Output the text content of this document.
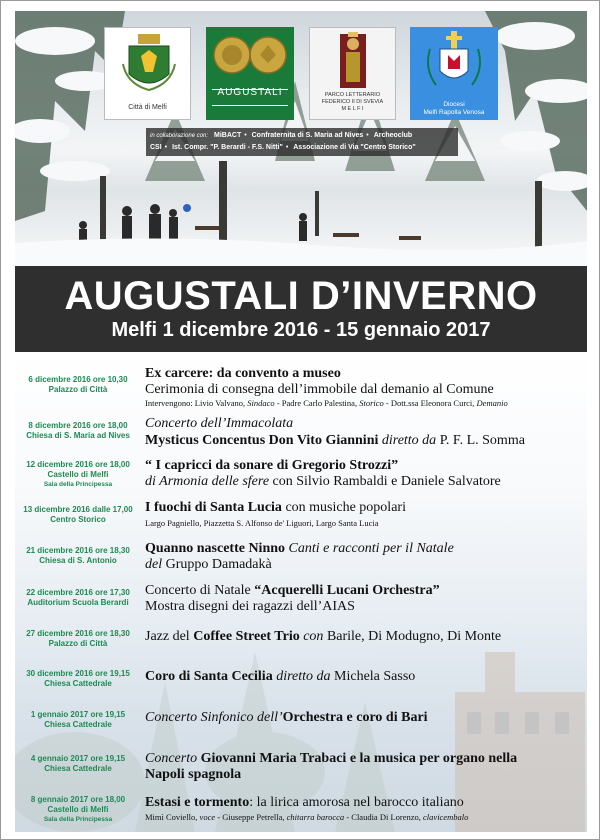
Città di Melfi
AUGUSTALI	PARCO LETTERARIO
FEDERICO II DI SVEVIA
M E L F I
Diocesi
Melfi Rapolla Venosa
in collaborazione con: MiBACT • Confraternita di S. Maria ad Nives • Archeoclub
CSI • Ist. Compr. "P. Berardi - F.S. Nitti" • Associazione di Via "Centro Storico"
AUGUSTALI D’INVERNO
Melfi 1 dicembre 2016 - 15 gennaio 2017
6 dicembre 2016 ore 10,30
Palazzo di Città
Ex carcere: da convento a museo
Cerimonia di consegna dell’immobile dal demanio al Comune
Intervengono: Livio Valvano, Sindaco - Padre Carlo Palestina, Storico - Dott.ssa Eleonora Curci, Demanio
8 dicembre 2016 ore 18,00
Chiesa di S. Maria ad Nives
Concerto dell’Immacolata
Mysticus Concentus Don Vito Giannini diretto da P. F. L. Somma
12 dicembre 2016 ore 18,00
Castello di Melfi
Sala della Principessa
“ I capricci da sonare di Gregorio Strozzi”
di Armonia delle sfere con Silvio Rambaldi e Daniele Salvatore
13 dicembre 2016 dalle 17,00
Centro Storico
I fuochi di Santa Lucia con musiche popolari
Largo Pagniello, Piazzetta S. Alfonso de' Liguori, Largo Santa Lucia
21 dicembre 2016 ore 18,30
Chiesa di S. Antonio
Quanno nascette Ninno Canti e racconti per il Natale
del Gruppo Damadakà
22 dicembre 2016 ore 17,30
Auditorium Scuola Berardi
Concerto di Natale “Acquerelli Lucani Orchestra”
Mostra disegni dei ragazzi dell’AIAS
27 dicembre 2016 ore 18,30
Palazzo di Città	Jazz del Coffee Street Trio con Barile, Di Modugno, Di Monte
30 dicembre 2016 ore 19,15
Chiesa Cattedrale	Coro di Santa Cecilia diretto da Michela Sasso
1 gennaio 2017 ore 19,15
Chiesa Cattedrale	Concerto Sinfonico dell’Orchestra e coro di Bari
4 gennaio 2017 ore 19,15
Chiesa Cattedrale
Concerto Giovanni Maria Trabaci e la musica per organo nella
Napoli spagnola
8 gennaio 2017 ore 18,00
Castello di Melfi
Sala della Principessa
Estasi e tormento: la lirica amorosa nel barocco italiano
Mimì Coviello, voce - Giuseppe Petrella, chitarra barocca - Claudia Di Lorenzo, clavicembalo
